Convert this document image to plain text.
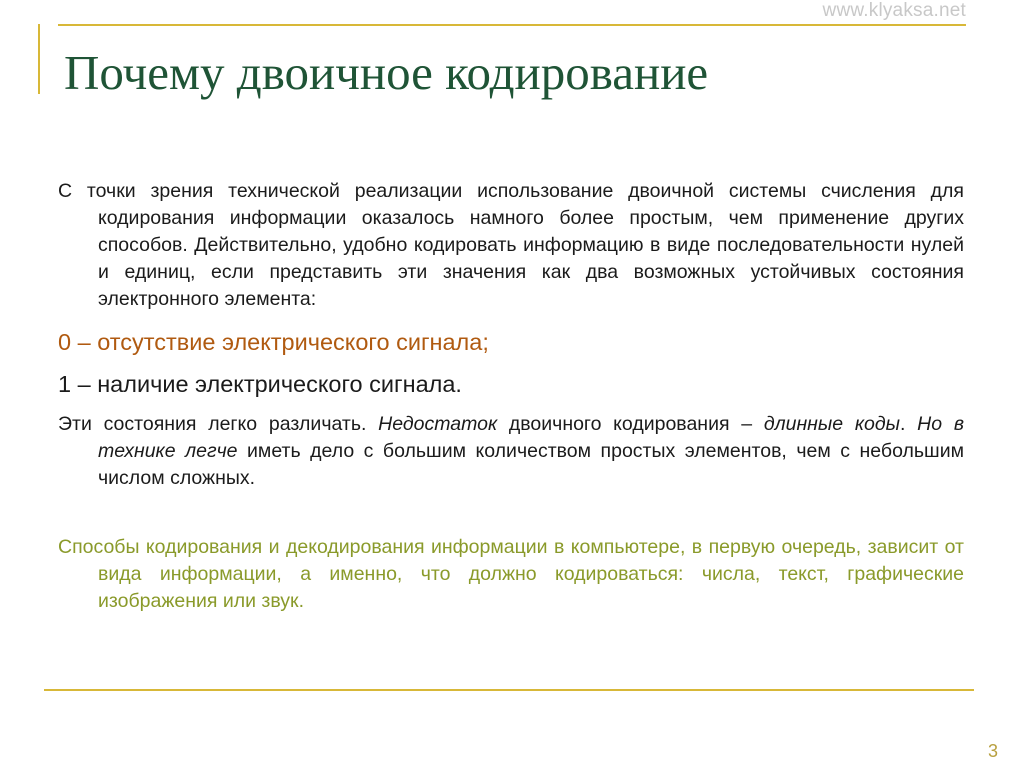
www.klyaksa.net
Почему двоичное кодирование

С точки зрения технической реализации использование двоичной системы счисления для кодирования информации оказалось намного более простым, чем применение других способов. Действительно, удобно кодировать информацию в виде последовательности нулей и единиц, если представить эти значения как два возможных устойчивых состояния электронного элемента:

0 – отсутствие электрического сигнала;

1 – наличие электрического сигнала.

Эти состояния легко различать. Недостаток двоичного кодирования – длинные коды. Но в технике легче иметь дело с большим количеством простых элементов, чем с небольшим числом сложных.

Способы кодирования и декодирования информации в компьютере, в первую очередь, зависит от вида информации, а именно, что должно кодироваться: числа, текст, графические изображения или звук.

3
